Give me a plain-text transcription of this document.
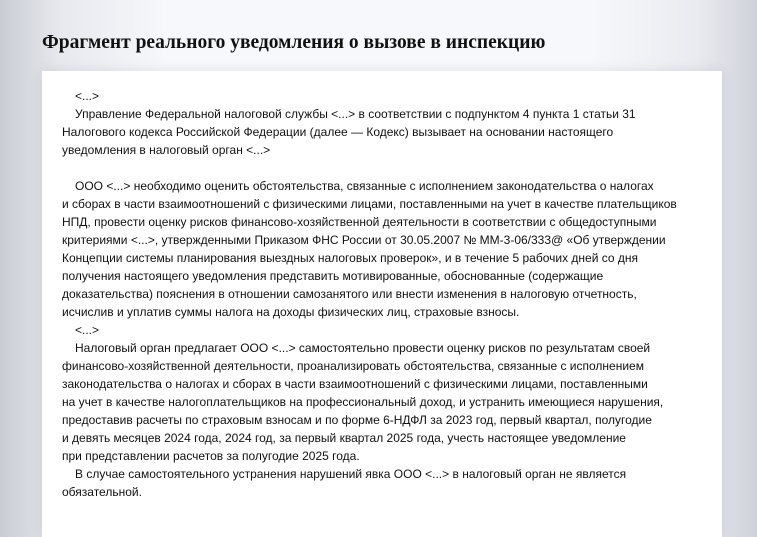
Фрагмент реального уведомления о вызове в инспекцию

<...>
Управление Федеральной налоговой службы <...> в соответствии с подпунктом 4 пункта 1 статьи 31
Налогового кодекса Российской Федерации (далее — Кодекс) вызывает на основании настоящего
уведомления в налоговый орган <...>

ООО <...> необходимо оценить обстоятельства, связанные с исполнением законодательства о налогах
и сборах в части взаимоотношений с физическими лицами, поставленными на учет в качестве плательщиков
НПД, провести оценку рисков финансово-хозяйственной деятельности в соответствии с общедоступными
критериями <...>, утвержденными Приказом ФНС России от 30.05.2007 № ММ-3-06/333@ «Об утверждении
Концепции системы планирования выездных налоговых проверок», и в течение 5 рабочих дней со дня
получения настоящего уведомления представить мотивированные, обоснованные (содержащие
доказательства) пояснения в отношении самозанятого или внести изменения в налоговую отчетность,
исчислив и уплатив суммы налога на доходы физических лиц, страховые взносы.
<...>

Налоговый орган предлагает ООО <...> самостоятельно провести оценку рисков по результатам своей
финансово-хозяйственной деятельности, проанализировать обстоятельства, связанные с исполнением
законодательства о налогах и сборах в части взаимоотношений с физическими лицами, поставленными
на учет в качестве налогоплательщиков на профессиональный доход, и устранить имеющиеся нарушения,
предоставив расчеты по страховым взносам и по форме 6-НДФЛ за 2023 год, первый квартал, полугодие
и девять месяцев 2024 года, 2024 год, за первый квартал 2025 года, учесть настоящее уведомление
при представлении расчетов за полугодие 2025 года.

В случае самостоятельного устранения нарушений явка ООО <...> в налоговый орган не является
обязательной.
